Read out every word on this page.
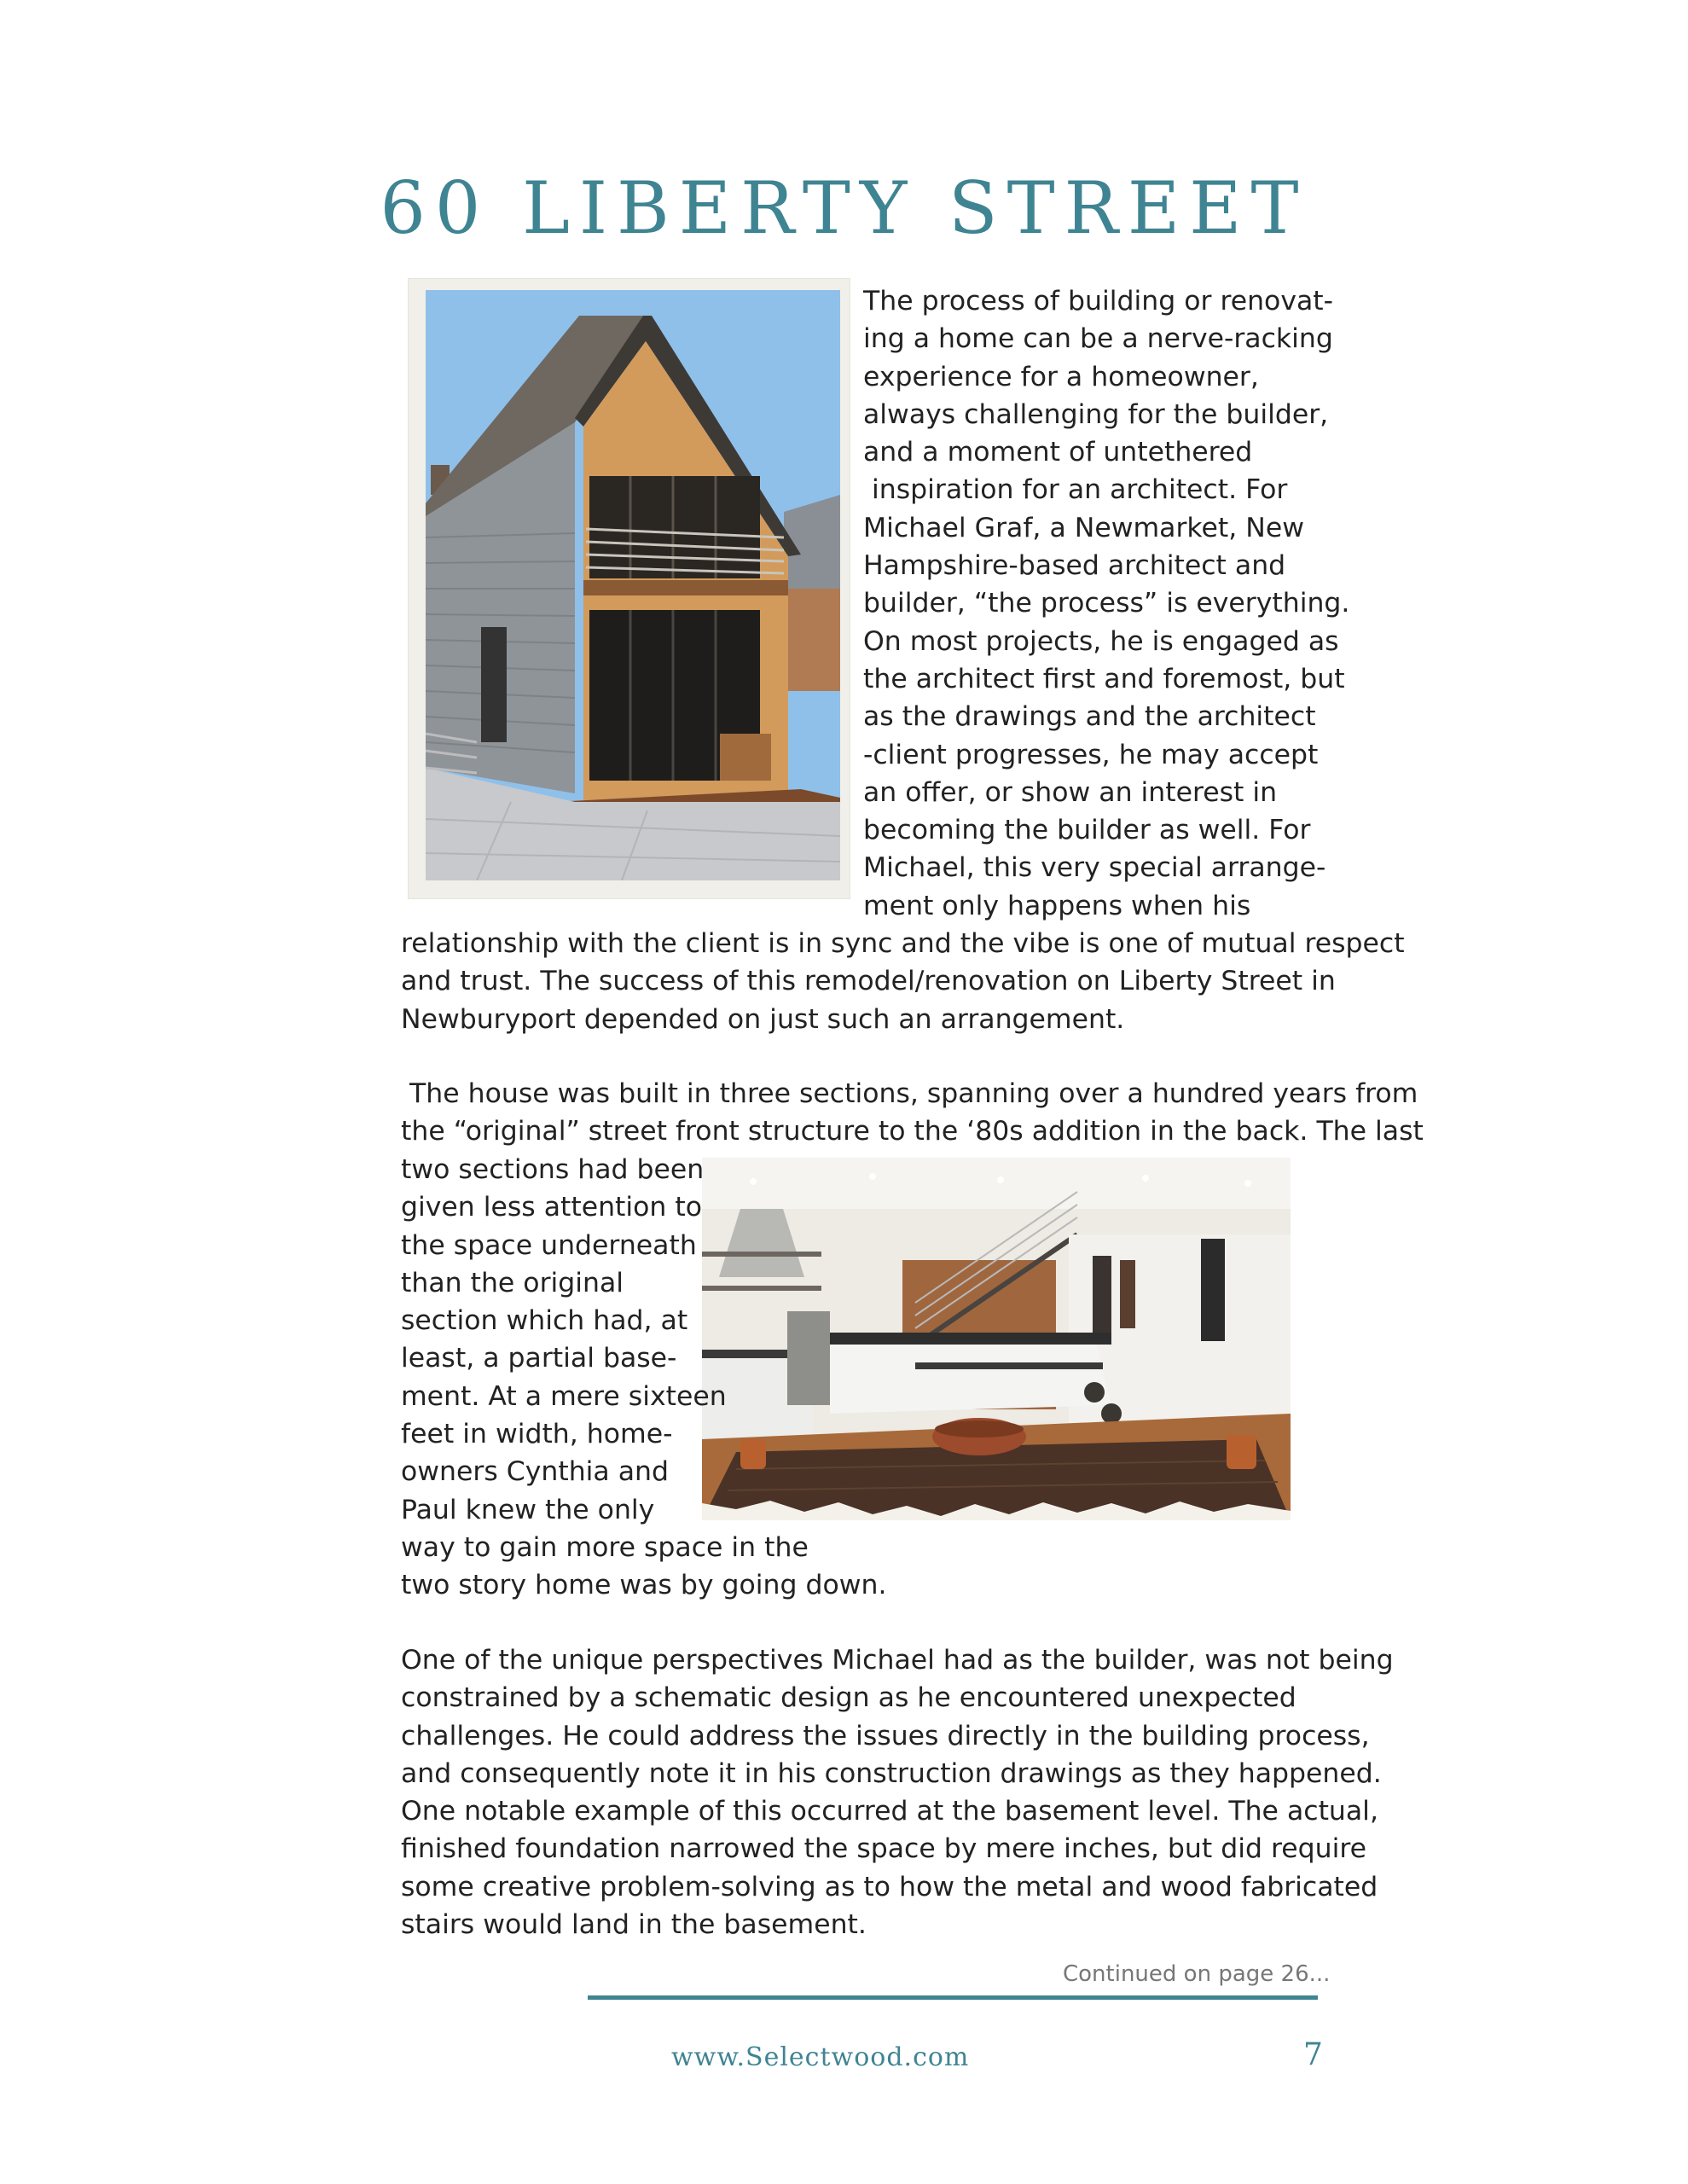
60 LIBERTY STREET
The process of building or renovat-
ing a home can be a nerve-racking
experience for a homeowner,
always challenging for the builder,
and a moment of untethered
inspiration for an architect. For
Michael Graf, a Newmarket, New
Hampshire-based architect and
builder, “the process” is everything.
On most projects, he is engaged as
the architect first and foremost, but
as the drawings and the architect
-client progresses, he may accept
an offer, or show an interest in
becoming the builder as well. For
Michael, this very special arrange-
ment only happens when his
relationship with the client is in sync and the vibe is one of mutual respect
and trust. The success of this remodel/renovation on Liberty Street in
Newburyport depended on just such an arrangement.
The house was built in three sections, spanning over a hundred years from
the “original” street front structure to the ‘80s addition in the back. The last
two sections had been
given less attention to
the space underneath
than the original
section which had, at
least, a partial base-
ment. At a mere sixteen
feet in width, home-
owners Cynthia and
Paul knew the only
way to gain more space in the
two story home was by going down.
One of the unique perspectives Michael had as the builder, was not being
constrained by a schematic design as he encountered unexpected
challenges. He could address the issues directly in the building process,
and consequently note it in his construction drawings as they happened.
One notable example of this occurred at the basement level. The actual,
finished foundation narrowed the space by mere inches, but did require
some creative problem-solving as to how the metal and wood fabricated
stairs would land in the basement.
Continued on page 26...
www.Selectwood.com	7
